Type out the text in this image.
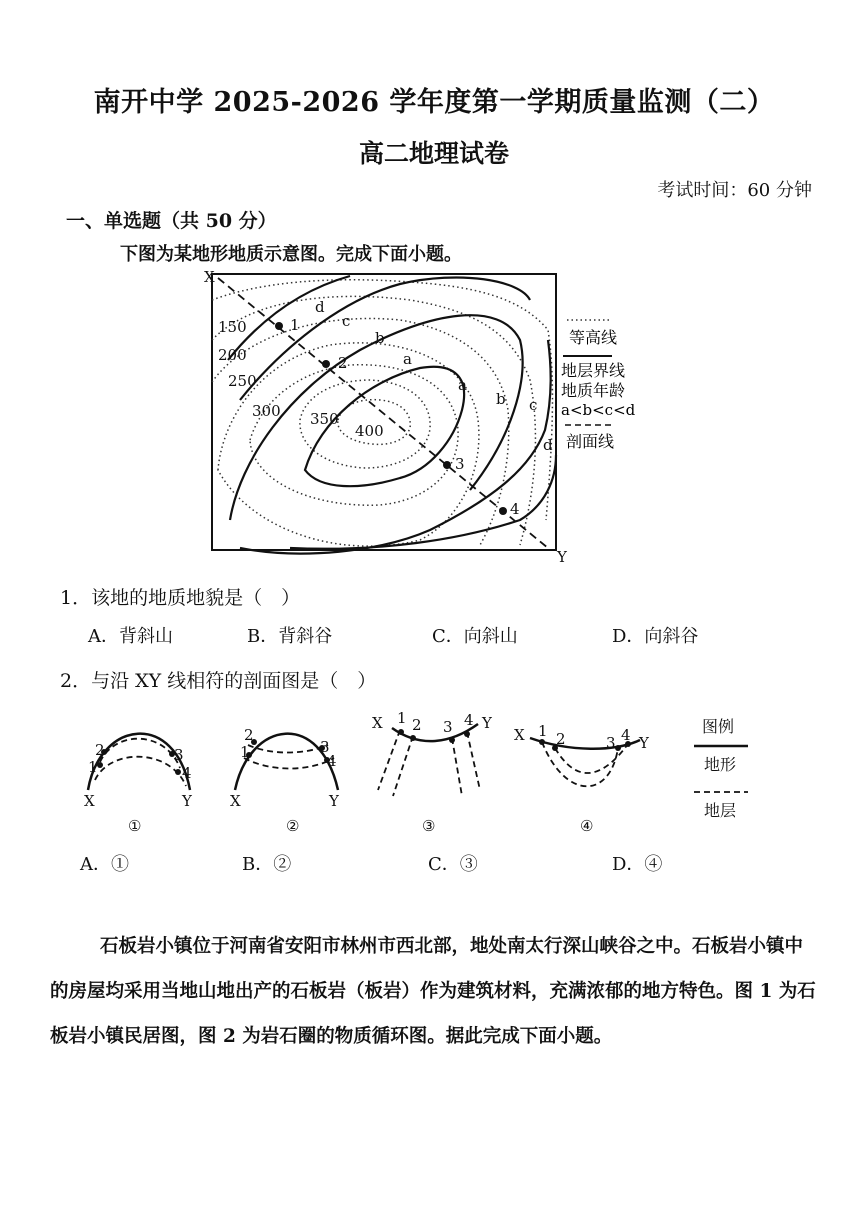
南开中学 2025-2026 学年度第一学期质量监测（二）
高二地理试卷
考试时间：60 分钟
一、单选题（共 50 分）
下图为某地形地质示意图。完成下面小题。
X
Y
1
2
3
4
150
200
250
300 350
400
d
c
b
a
a
b c
d
等高线
地层界线
地质年龄
a<b<c<d
剖面线
1．该地的地质地貌是（　）
A．背斜山	B．背斜谷	C．向斜山	D．向斜谷
2．与沿 XY 线相符的剖面图是（　）
2
1
3
4
X	Y
①
2
1	3
4
X	Y
②
X 1 2 3 4 Y
③
X 1 2	3 4 Y
④
图例
地形
地层
A．①	B．②	C．③	D．④
石板岩小镇位于河南省安阳市林州市西北部，地处南太行深山峡谷之中。石板岩小镇中的房屋均采用当地山地出产的石板岩（板岩）作为建筑材料，充满浓郁的地方特色。图 1 为石板岩小镇民居图，图 2 为岩石圈的物质循环图。据此完成下面小题。
